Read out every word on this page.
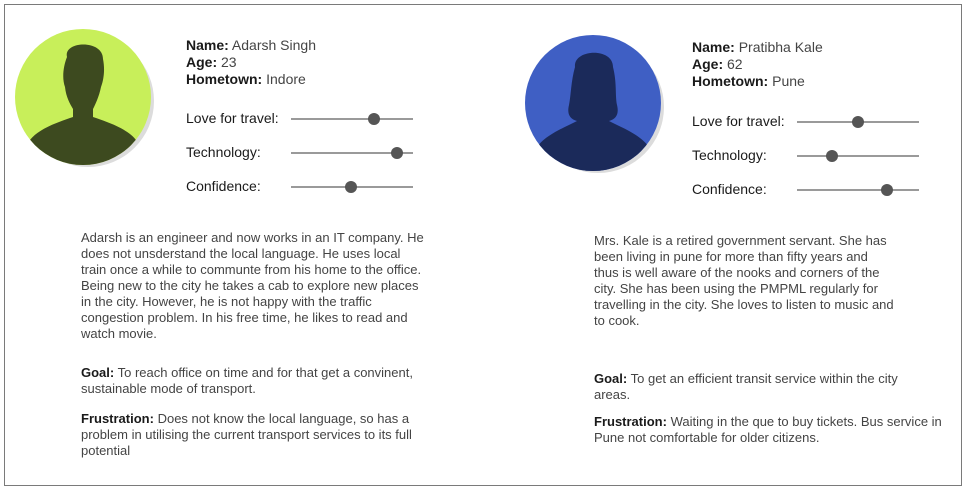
Name: Adarsh Singh
Age: 23
Hometown: Indore
Love for travel:
Technology:
Confidence:
Adarsh is an engineer and now works in an IT company. He does not unsderstand the local language. He uses local train once a while to communte from his home to the office. Being new to the city he takes a cab to explore new places in the city. However, he is not happy with the traffic congestion problem. In his free time, he likes to read and watch movie.
Goal: To reach office on time and for that get a convinent, sustainable mode of transport.
Frustration: Does not know the local language, so has a problem in utilising the current transport services to its full potential
Name: Pratibha Kale
Age: 62
Hometown: Pune
Love for travel:
Technology:
Confidence:
Mrs. Kale is a retired government servant. She has been living in pune for more than fifty years and thus is well aware of the nooks and corners of the city. She has been using the PMPML regularly for travelling in the city. She loves to listen to music and to cook.
Goal: To get an efficient transit service within the city areas.
Frustration: Waiting in the que to buy tickets. Bus service in Pune not comfortable for older citizens.
